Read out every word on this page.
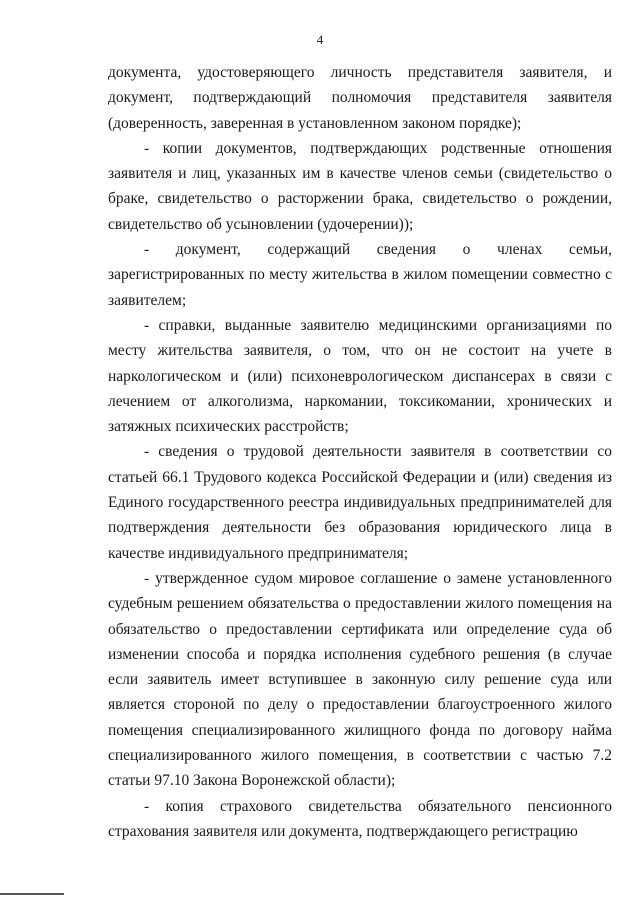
4

документа, удостоверяющего личность представителя заявителя, и документ, подтверждающий полномочия представителя заявителя (доверенность, заверенная в установленном законом порядке);

- копии документов, подтверждающих родственные отношения заявителя и лиц, указанных им в качестве членов семьи (свидетельство о браке, свидетельство о расторжении брака, свидетельство о рождении, свидетельство об усыновлении (удочерении));

- документ, содержащий сведения о членах семьи, зарегистрированных по месту жительства в жилом помещении совместно с заявителем;

- справки, выданные заявителю медицинскими организациями по месту жительства заявителя, о том, что он не состоит на учете в наркологическом и (или) психоневрологическом диспансерах в связи с лечением от алкоголизма, наркомании, токсикомании, хронических и затяжных психических расстройств;

- сведения о трудовой деятельности заявителя в соответствии со статьей 66.1 Трудового кодекса Российской Федерации и (или) сведения из Единого государственного реестра индивидуальных предпринимателей для подтверждения деятельности без образования юридического лица в качестве индивидуального предпринимателя;

- утвержденное судом мировое соглашение о замене установленного судебным решением обязательства о предоставлении жилого помещения на обязательство о предоставлении сертификата или определение суда об изменении способа и порядка исполнения судебного решения (в случае если заявитель имеет вступившее в законную силу решение суда или является стороной по делу о предоставлении благоустроенного жилого помещения специализированного жилищного фонда по договору найма специализированного жилого помещения, в соответствии с частью 7.2 статьи 97.10 Закона Воронежской области);

- копия страхового свидетельства обязательного пенсионного страхования заявителя или документа, подтверждающего регистрацию
